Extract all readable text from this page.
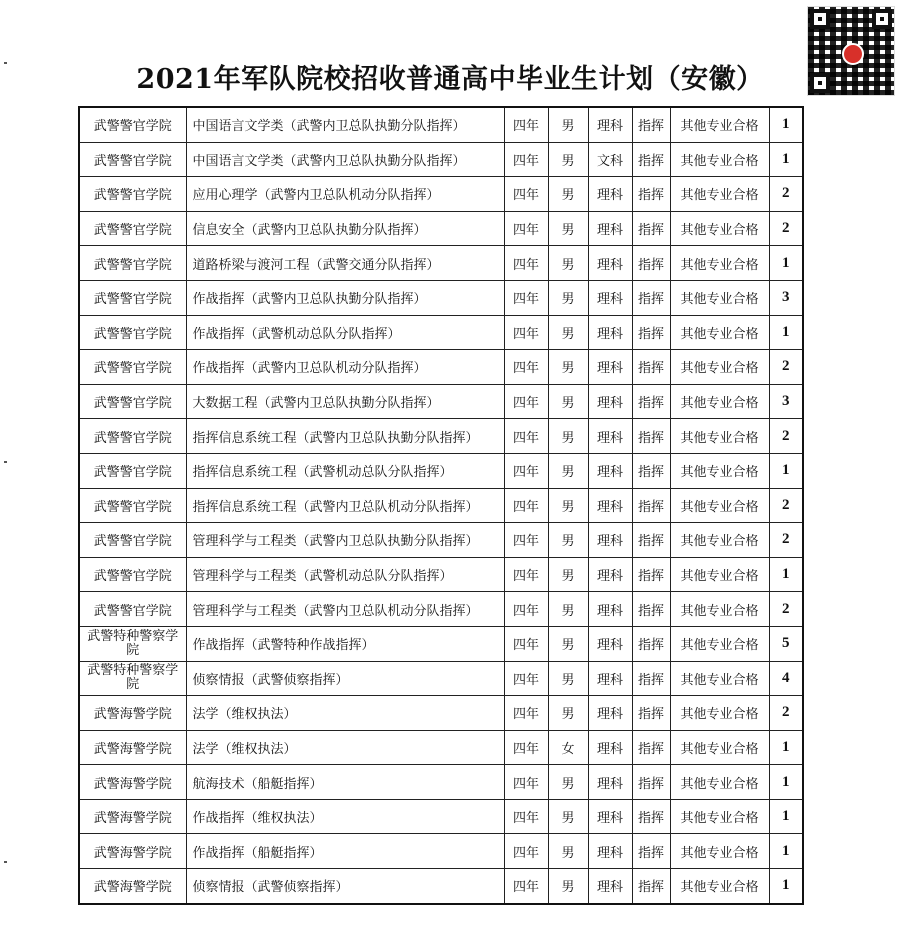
2021年军队院校招收普通高中毕业生计划（安徽）
武警警官学院	中国语言文学类（武警内卫总队执勤分队指挥）	四年	男	理科	指挥	其他专业合格	1
武警警官学院	中国语言文学类（武警内卫总队执勤分队指挥）	四年	男	文科	指挥	其他专业合格	1
武警警官学院	应用心理学（武警内卫总队机动分队指挥）	四年	男	理科	指挥	其他专业合格	2
武警警官学院	信息安全（武警内卫总队执勤分队指挥）	四年	男	理科	指挥	其他专业合格	2
武警警官学院	道路桥梁与渡河工程（武警交通分队指挥）	四年	男	理科	指挥	其他专业合格	1
武警警官学院	作战指挥（武警内卫总队执勤分队指挥）	四年	男	理科	指挥	其他专业合格	3
武警警官学院	作战指挥（武警机动总队分队指挥）	四年	男	理科	指挥	其他专业合格	1
武警警官学院	作战指挥（武警内卫总队机动分队指挥）	四年	男	理科	指挥	其他专业合格	2
武警警官学院	大数据工程（武警内卫总队执勤分队指挥）	四年	男	理科	指挥	其他专业合格	3
武警警官学院	指挥信息系统工程（武警内卫总队执勤分队指挥）	四年	男	理科	指挥	其他专业合格	2
武警警官学院	指挥信息系统工程（武警机动总队分队指挥）	四年	男	理科	指挥	其他专业合格	1
武警警官学院	指挥信息系统工程（武警内卫总队机动分队指挥）	四年	男	理科	指挥	其他专业合格	2
武警警官学院	管理科学与工程类（武警内卫总队执勤分队指挥）	四年	男	理科	指挥	其他专业合格	2
武警警官学院	管理科学与工程类（武警机动总队分队指挥）	四年	男	理科	指挥	其他专业合格	1
武警警官学院	管理科学与工程类（武警内卫总队机动分队指挥）	四年	男	理科	指挥	其他专业合格	2
武警特种警察学院	作战指挥（武警特种作战指挥）	四年	男	理科	指挥	其他专业合格	5
武警特种警察学院	侦察情报（武警侦察指挥）	四年	男	理科	指挥	其他专业合格	4
武警海警学院	法学（维权执法）	四年	男	理科	指挥	其他专业合格	2
武警海警学院	法学（维权执法）	四年	女	理科	指挥	其他专业合格	1
武警海警学院	航海技术（船艇指挥）	四年	男	理科	指挥	其他专业合格	1
武警海警学院	作战指挥（维权执法）	四年	男	理科	指挥	其他专业合格	1
武警海警学院	作战指挥（船艇指挥）	四年	男	理科	指挥	其他专业合格	1
武警海警学院	侦察情报（武警侦察指挥）	四年	男	理科	指挥	其他专业合格	1
